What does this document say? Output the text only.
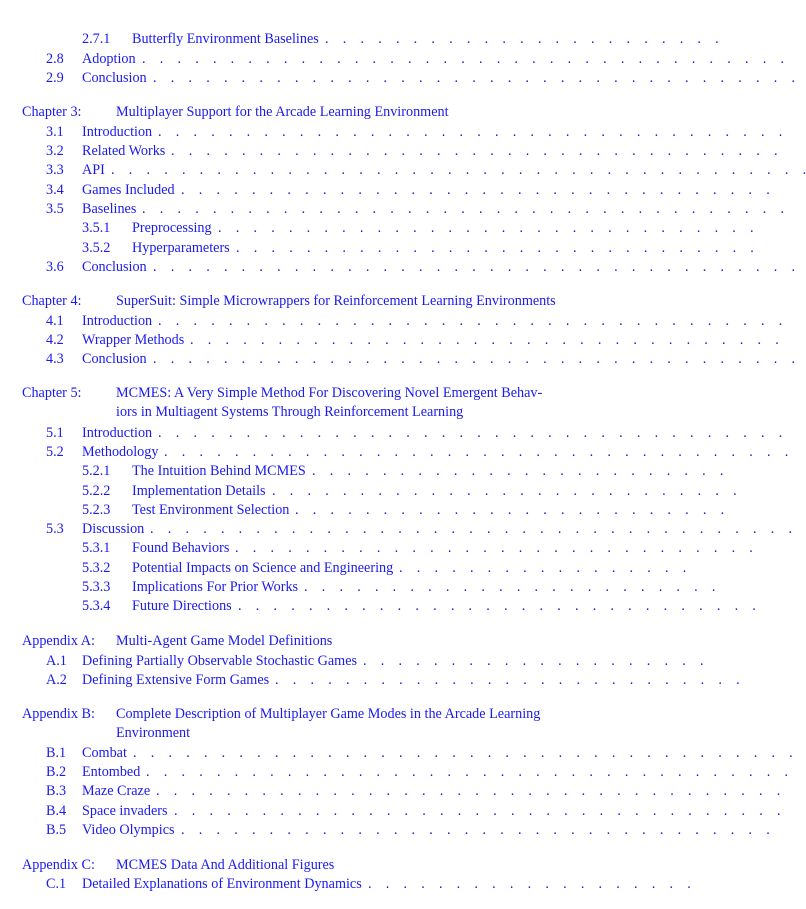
2.7.1 Butterfly Environment Baselines .  .  .  .  .  .  .  .  .  .  .  .  .  .  .  .  .  .  .  .  .  .  .
2.8 Adoption .  .  .  .  .  .  .  .  .  .  .  .  .  .  .  .  .  .  .  .  .  .  .  .  .  .  .  .  .  .  .  .  .  .  .  .  .
2.9 Conclusion .  .  .  .  .  .  .  .  .  .  .  .  .  .  .  .  .  .  .  .  .  .  .  .  .  .  .  .  .  .  .  .  .  .  .  .  .
Chapter 3: Multiplayer Support for the Arcade Learning Environment
3.1 Introduction .  .  .  .  .  .  .  .  .  .  .  .  .  .  .  .  .  .  .  .  .  .  .  .  .  .  .  .  .  .  .  .  .  .  .  .
3.2 Related Works .  .  .  .  .  .  .  .  .  .  .  .  .  .  .  .  .  .  .  .  .  .  .  .  .  .  .  .  .  .  .  .  .  .  .
3.3 API .  .  .  .  .  .  .  .  .  .  .  .  .  .  .  .  .  .  .  .  .  .  .  .  .  .  .  .  .  .  .  .  .  .  .  .  .  .  .  .
3.4 Games Included .  .  .  .  .  .  .  .  .  .  .  .  .  .  .  .  .  .  .  .  .  .  .  .  .  .  .  .  .  .  .  .  .  .
3.5 Baselines .  .  .  .  .  .  .  .  .  .  .  .  .  .  .  .  .  .  .  .  .  .  .  .  .  .  .  .  .  .  .  .  .  .  .  .  .
3.5.1 Preprocessing .  .  .  .  .  .  .  .  .  .  .  .  .  .  .  .  .  .  .  .  .  .  .  .  .  .  .  .  .  .  .
3.5.2 Hyperparameters .  .  .  .  .  .  .  .  .  .  .  .  .  .  .  .  .  .  .  .  .  .  .  .  .  .  .  .  .  .
3.6 Conclusion .  .  .  .  .  .  .  .  .  .  .  .  .  .  .  .  .  .  .  .  .  .  .  .  .  .  .  .  .  .  .  .  .  .  .  .  .
Chapter 4: SuperSuit: Simple Microwrappers for Reinforcement Learning Environments
4.1 Introduction .  .  .  .  .  .  .  .  .  .  .  .  .  .  .  .  .  .  .  .  .  .  .  .  .  .  .  .  .  .  .  .  .  .  .  .
4.2 Wrapper Methods .  .  .  .  .  .  .  .  .  .  .  .  .  .  .  .  .  .  .  .  .  .  .  .  .  .  .  .  .  .  .  .  .  .
4.3 Conclusion .  .  .  .  .  .  .  .  .  .  .  .  .  .  .  .  .  .  .  .  .  .  .  .  .  .  .  .  .  .  .  .  .  .  .  .  .
Chapter 5: MCMES: A Very Simple Method For Discovering Novel Emergent Behav-
iors in Multiagent Systems Through Reinforcement Learning
5.1 Introduction .  .  .  .  .  .  .  .  .  .  .  .  .  .  .  .  .  .  .  .  .  .  .  .  .  .  .  .  .  .  .  .  .  .  .  .
5.2 Methodology .  .  .  .  .  .  .  .  .  .  .  .  .  .  .  .  .  .  .  .  .  .  .  .  .  .  .  .  .  .  .  .  .  .  .  .
5.2.1 The Intuition Behind MCMES .  .  .  .  .  .  .  .  .  .  .  .  .  .  .  .  .  .  .  .  .  .  .  .
5.2.2 Implementation Details .  .  .  .  .  .  .  .  .  .  .  .  .  .  .  .  .  .  .  .  .  .  .  .  .  .  .
5.2.3 Test Environment Selection .  .  .  .  .  .  .  .  .  .  .  .  .  .  .  .  .  .  .  .  .  .  .  .  .
5.3 Discussion .  .  .  .  .  .  .  .  .  .  .  .  .  .  .  .  .  .  .  .  .  .  .  .  .  .  .  .  .  .  .  .  .  .  .  .  .
5.3.1 Found Behaviors .  .  .  .  .  .  .  .  .  .  .  .  .  .  .  .  .  .  .  .  .  .  .  .  .  .  .  .  .  .
5.3.2 Potential Impacts on Science and Engineering .  .  .  .  .  .  .  .  .  .  .  .  .  .  .  .  .
5.3.3 Implications For Prior Works .  .  .  .  .  .  .  .  .  .  .  .  .  .  .  .  .  .  .  .  .  .  .  .
5.3.4 Future Directions .  .  .  .  .  .  .  .  .  .  .  .  .  .  .  .  .  .  .  .  .  .  .  .  .  .  .  .  .  .
Appendix A: Multi-Agent Game Model Definitions
A.1 Defining Partially Observable Stochastic Games .  .  .  .  .  .  .  .  .  .  .  .  .  .  .  .  .  .  .  .
A.2 Defining Extensive Form Games .  .  .  .  .  .  .  .  .  .  .  .  .  .  .  .  .  .  .  .  .  .  .  .  .  .  .
Appendix B: Complete Description of Multiplayer Game Modes in the Arcade Learning
Environment
B.1 Combat .  .  .  .  .  .  .  .  .  .  .  .  .  .  .  .  .  .  .  .  .  .  .  .  .  .  .  .  .  .  .  .  .  .  .  .  .  .
B.2 Entombed .  .  .  .  .  .  .  .  .  .  .  .  .  .  .  .  .  .  .  .  .  .  .  .  .  .  .  .  .  .  .  .  .  .  .  .  .
B.3 Maze Craze .  .  .  .  .  .  .  .  .  .  .  .  .  .  .  .  .  .  .  .  .  .  .  .  .  .  .  .  .  .  .  .  .  .  .  .
B.4 Space invaders .  .  .  .  .  .  .  .  .  .  .  .  .  .  .  .  .  .  .  .  .  .  .  .  .  .  .  .  .  .  .  .  .  .  .
B.5 Video Olympics .  .  .  .  .  .  .  .  .  .  .  .  .  .  .  .  .  .  .  .  .  .  .  .  .  .  .  .  .  .  .  .  .  .
Appendix C: MCMES Data And Additional Figures
C.1 Detailed Explanations of Environment Dynamics .  .  .  .  .  .  .  .  .  .  .  .  .  .  .  .  .  .  .
